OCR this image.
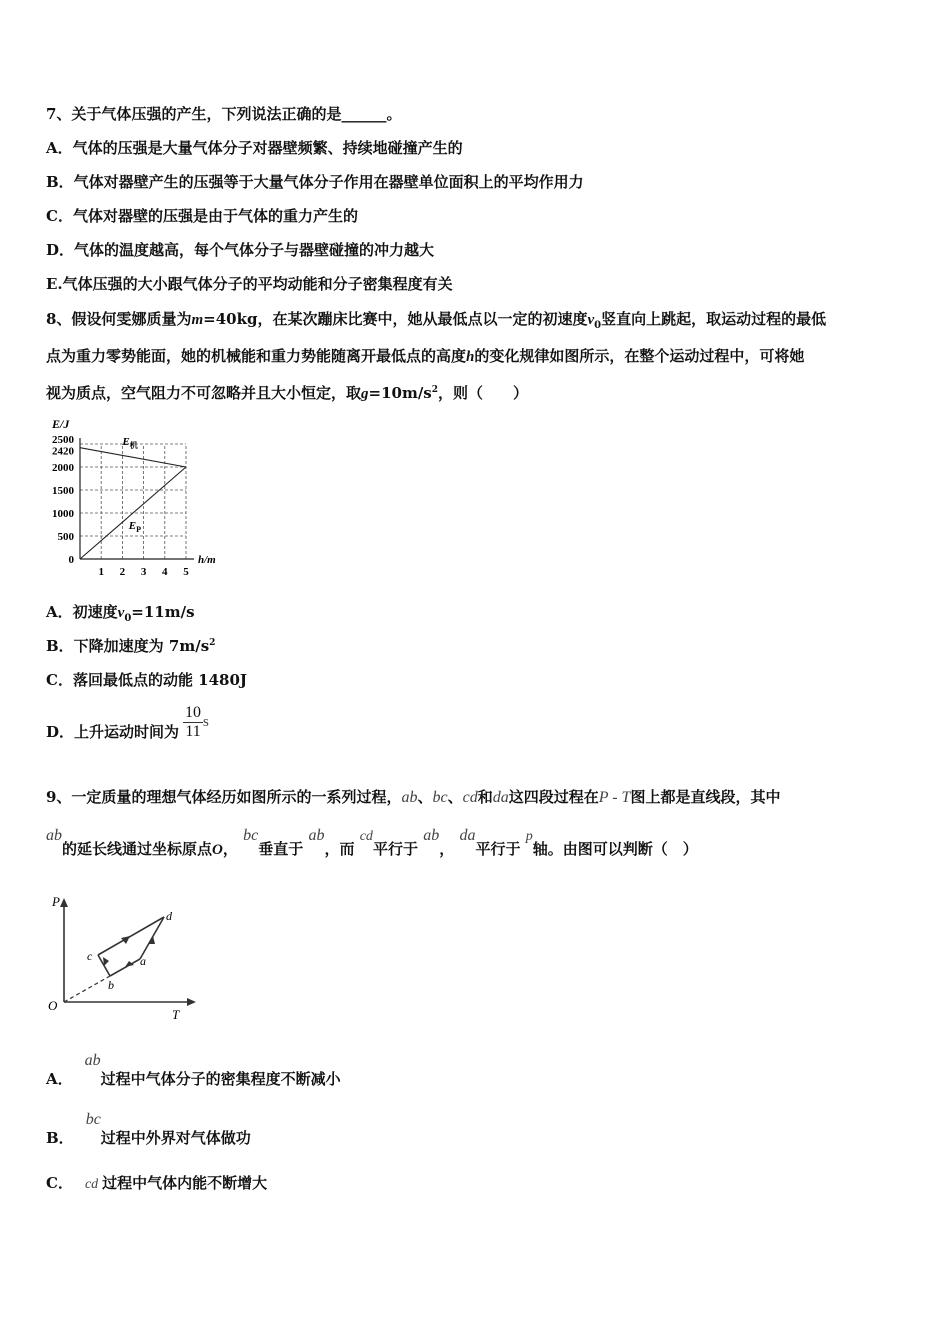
7、关于气体压强的产生，下列说法正确的是______。
A．气体的压强是大量气体分子对器壁频繁、持续地碰撞产生的
B．气体对器壁产生的压强等于大量气体分子作用在器壁单位面积上的平均作用力
C．气体对器壁的压强是由于气体的重力产生的
D．气体的温度越高，每个气体分子与器壁碰撞的冲力越大
E.气体压强的大小跟气体分子的平均动能和分子密集程度有关
8、假设何雯娜质量为m=40kg，在某次蹦床比赛中，她从最低点以一定的初速度$v_0$竖直向上跳起，取运动过程的最低
点为重力零势能面，她的机械能和重力势能随离开最低点的高度h的变化规律如图所示，在整个运动过程中，可将她
视为质点，空气阻力不可忽略并且大小恒定，取$g=10m/s^2$，则（　　）
1 2 3 4 5
0
500
1000
1500
2000
2420
2500	$E_机$
$E_P$
E/J
h/m
A．初速度$v_0=11m/s$
B．下降加速度为 $7m/s^2$
C．落回最低点的动能 1480J
D．上升运动时间为 $\frac{10}{11}$ s
9、一定质量的理想气体经历如图所示的一系列过程，ab、bc、cd和da这四段过程在P - T图上都是直线段，其中
ab的延长线通过坐标原点O， bc垂直于 ab，而 cd平行于 ab， da平行于 p轴。由图可以判断（　）
P
T
O
a
b
c
d
A．ab过程中气体分子的密集程度不断减小
B．bc过程中外界对气体做功
C． cd 过程中气体内能不断增大
